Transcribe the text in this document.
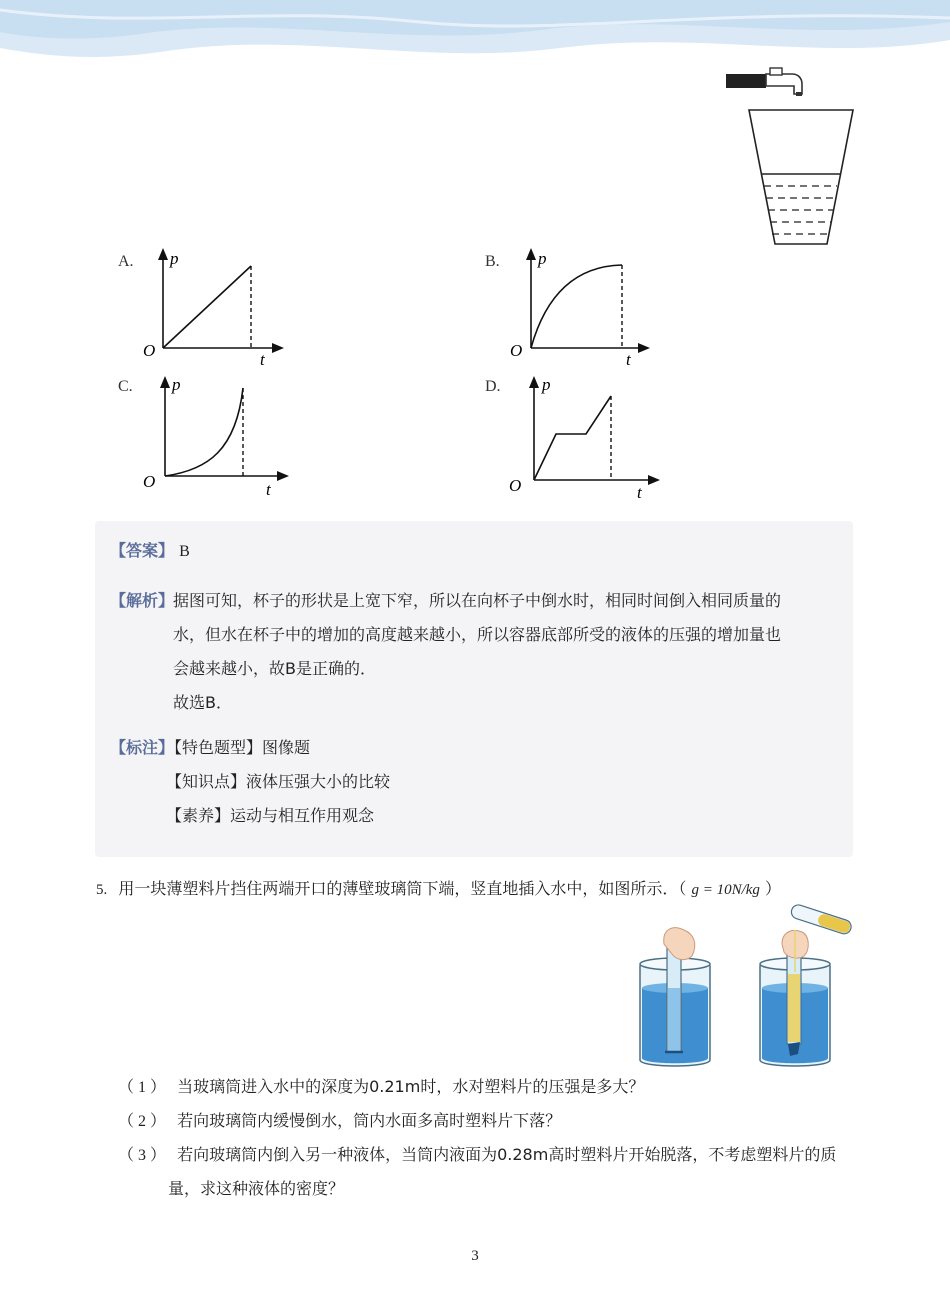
A. p
t
O
B. p
t
O
C. p
t
O
D. p
t
O
【答案】 B
【解析】
据图可知，杯子的形状是上宽下窄，所以在向杯子中倒水时，相同时间倒入相同质量的
水，但水在杯子中的增加的高度越来越小，所以容器底部所受的液体的压强的增加量也
会越来越小，故B是正确的．
故选B．
【标注】
【特色题型】图像题
【知识点】液体压强大小的比较
【素养】运动与相互作用观念
5. 用一块薄塑料片挡住两端开口的薄壁玻璃筒下端，竖直地插入水中，如图所示．（ g = 10N/kg ）
（ 1 ） 当玻璃筒进入水中的深度为0.21m时，水对塑料片的压强是多大？
（ 2 ） 若向玻璃筒内缓慢倒水，筒内水面多高时塑料片下落？
（ 3 ） 若向玻璃筒内倒入另一种液体，当筒内液面为0.28m高时塑料片开始脱落，不考虑塑料片的质
量，求这种液体的密度？
3
